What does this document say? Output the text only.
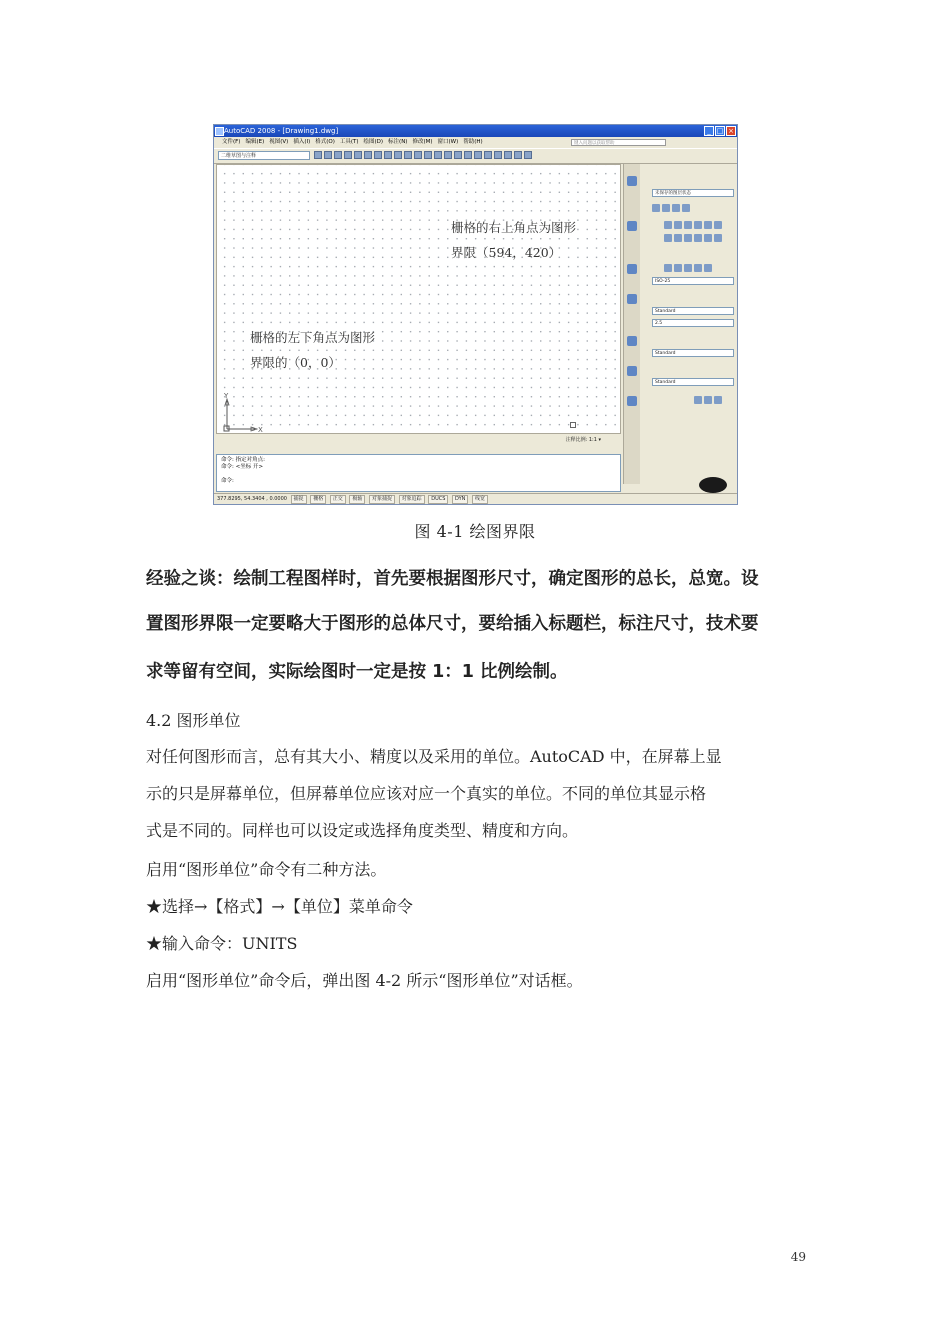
AutoCAD 2008 - [Drawing1.dwg]	_ □ ×
文件(F) 编辑(E) 视图(V) 插入(I) 格式(O) 工具(T) 绘图(D) 标注(N) 修改(M) 窗口(W) 帮助(H)	键入问题以获取帮助
二维草图与注释
栅格的右上角点为图形
界限（594，420）
栅格的左下角点为图形
界限的（0，0）
Y
X
未保存的图层状态
ISO-25
Standard
2.5
Standard
Standard
注释比例: 1:1 ▾
命令: 指定对角点:
命令: <坐标 开>
命令:
377.8295, 54.3404 , 0.0000 捕捉 栅格 正交 极轴 对象捕捉 对象追踪 DUCS DYN 线宽
图 4-1 绘图界限
经验之谈：绘制工程图样时，首先要根据图形尺寸，确定图形的总长，总宽。设
置图形界限一定要略大于图形的总体尺寸，要给插入标题栏，标注尺寸，技术要
求等留有空间，实际绘图时一定是按 1：1 比例绘制。
4.2 图形单位
对任何图形而言，总有其大小、精度以及采用的单位。AutoCAD 中，在屏幕上显
示的只是屏幕单位，但屏幕单位应该对应一个真实的单位。不同的单位其显示格
式是不同的。同样也可以设定或选择角度类型、精度和方向。
启用“图形单位”命令有二种方法。
★选择→【格式】→【单位】菜单命令
★输入命令：UNITS
启用“图形单位”命令后，弹出图 4-2 所示“图形单位”对话框。
49
